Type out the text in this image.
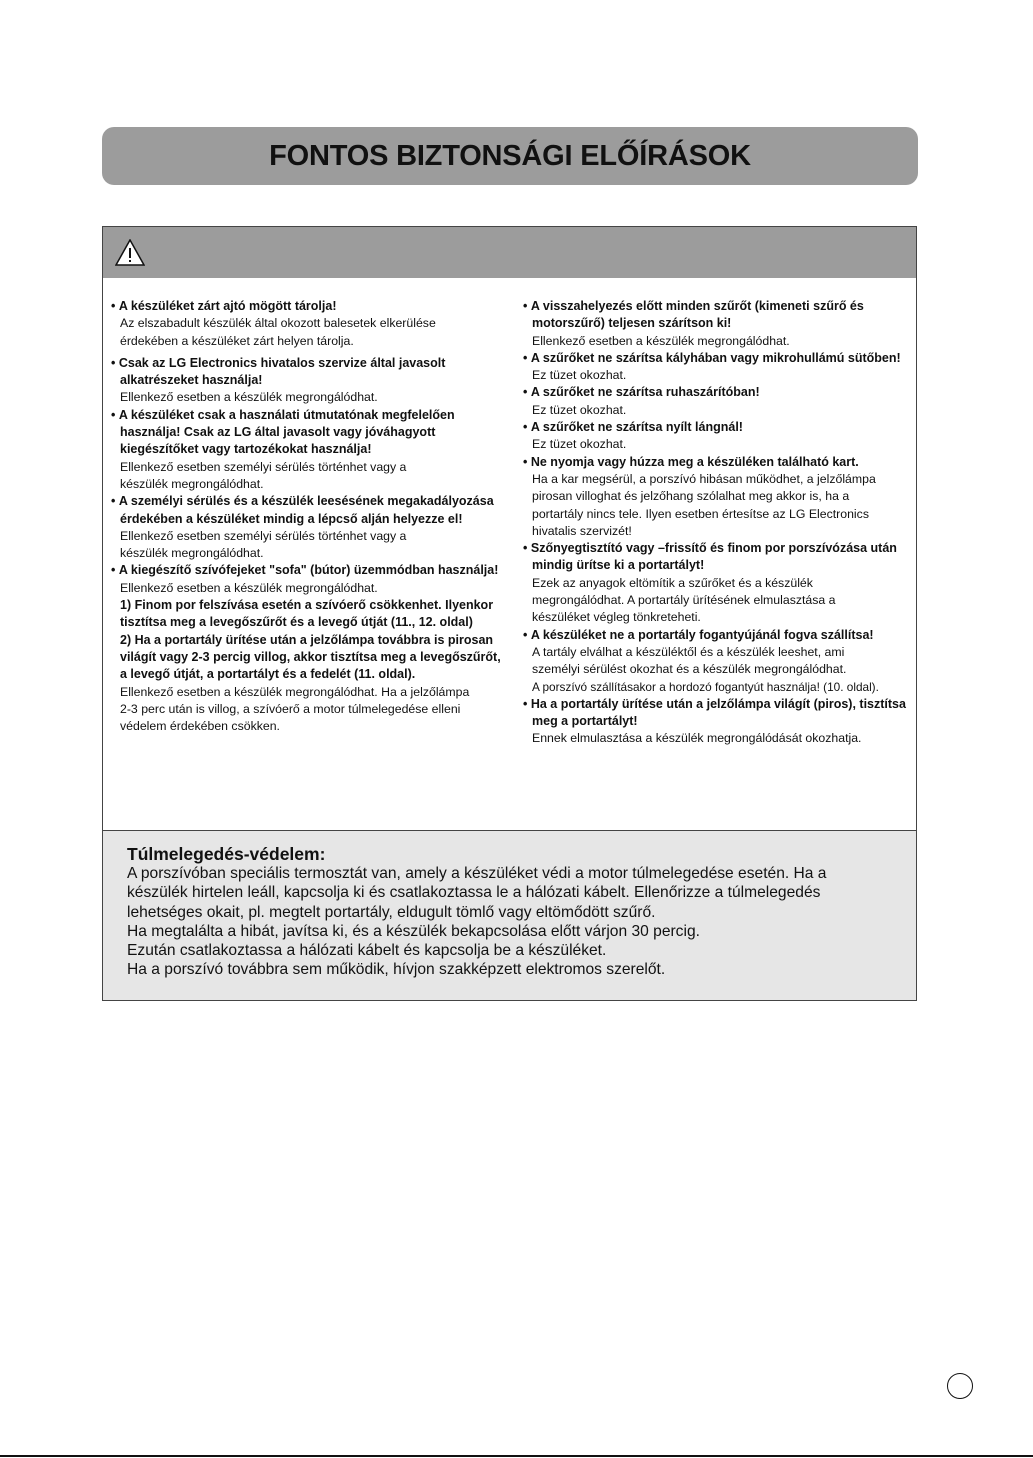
FONTOS BIZTONSÁGI ELŐÍRÁSOK
• A készüléket zárt ajtó mögött tárolja!
Az elszabadult készülék által okozott balesetek elkerülése
érdekében a készüléket zárt helyen tárolja.
• Csak az LG Electronics hivatalos szervize által javasolt alkatrészeket használja!
Ellenkező esetben a készülék megrongálódhat.
• A készüléket csak a használati útmutatónak megfelelően használja! Csak az LG által javasolt vagy jóváhagyott kiegészítőket vagy tartozékokat használja!
Ellenkező esetben személyi sérülés történhet vagy a
készülék megrongálódhat.
• A személyi sérülés és a készülék leesésének megakadályozása érdekében a készüléket mindig a lépcső alján helyezze el!
Ellenkező esetben személyi sérülés történhet vagy a
készülék megrongálódhat.
• A kiegészítő szívófejeket "sofa" (bútor) üzemmódban használja!
Ellenkező esetben a készülék megrongálódhat.
1) Finom por felszívása esetén a szívóerő csökkenhet. Ilyenkor tisztítsa meg a levegőszűrőt és a levegő útját (11., 12. oldal)
2) Ha a portartály ürítése után a jelzőlámpa továbbra is pirosan világít vagy 2-3 percig villog, akkor tisztítsa meg a levegőszűrőt, a levegő útját, a portartályt és a fedelét (11. oldal).
Ellenkező esetben a készülék megrongálódhat. Ha a jelzőlámpa
2-3 perc után is villog, a szívóerő a motor túlmelegedése elleni
védelem érdekében csökken.
• A visszahelyezés előtt minden szűrőt (kimeneti szűrő és motorszűrő) teljesen szárítson ki!
Ellenkező esetben a készülék megrongálódhat.
• A szűrőket ne szárítsa kályhában vagy mikrohullámú sütőben!
Ez tüzet okozhat.
• A szűrőket ne szárítsa ruhaszárítóban!
Ez tüzet okozhat.
• A szűrőket ne szárítsa nyílt lángnál!
Ez tüzet okozhat.
• Ne nyomja vagy húzza meg a készüléken található kart.
Ha a kar megsérül, a porszívó hibásan működhet, a jelzőlámpa
pirosan villoghat és jelzőhang szólalhat meg akkor is, ha a
portartály nincs tele. Ilyen esetben értesítse az LG Electronics
hivatalis szervizét!
• Szőnyegtisztító vagy –frissítő és finom por porszívózása után mindig ürítse ki a portartályt!
Ezek az anyagok eltömítik a szűrőket és a készülék
megrongálódhat. A portartály ürítésének elmulasztása a
készüléket végleg tönkreteheti.
• A készüléket ne a portartály fogantyújánál fogva szállítsa!
A tartály elválhat a készüléktől és a készülék leeshet, ami
személyi sérülést okozhat és a készülék megrongálódhat.
A porszívó szállításakor a hordozó fogantyút használja! (10. oldal).
• Ha a portartály ürítése után a jelzőlámpa világít (piros), tisztítsa meg a portartályt!
Ennek elmulasztása a készülék megrongálódását okozhatja.
Túlmelegedés-védelem:

A porszívóban speciális termosztát van, amely a készüléket védi a motor túlmelegedése esetén. Ha a

készülék hirtelen leáll, kapcsolja ki és csatlakoztassa le a hálózati kábelt. Ellenőrizze a túlmelegedés

lehetséges okait, pl. megtelt portartály, eldugult tömlő vagy eltömődött szűrő.

Ha megtalálta a hibát, javítsa ki, és a készülék bekapcsolása előtt várjon 30 percig.

Ezután csatlakoztassa a hálózati kábelt és kapcsolja be a készüléket.

Ha a porszívó továbbra sem működik, hívjon szakképzett elektromos szerelőt.
